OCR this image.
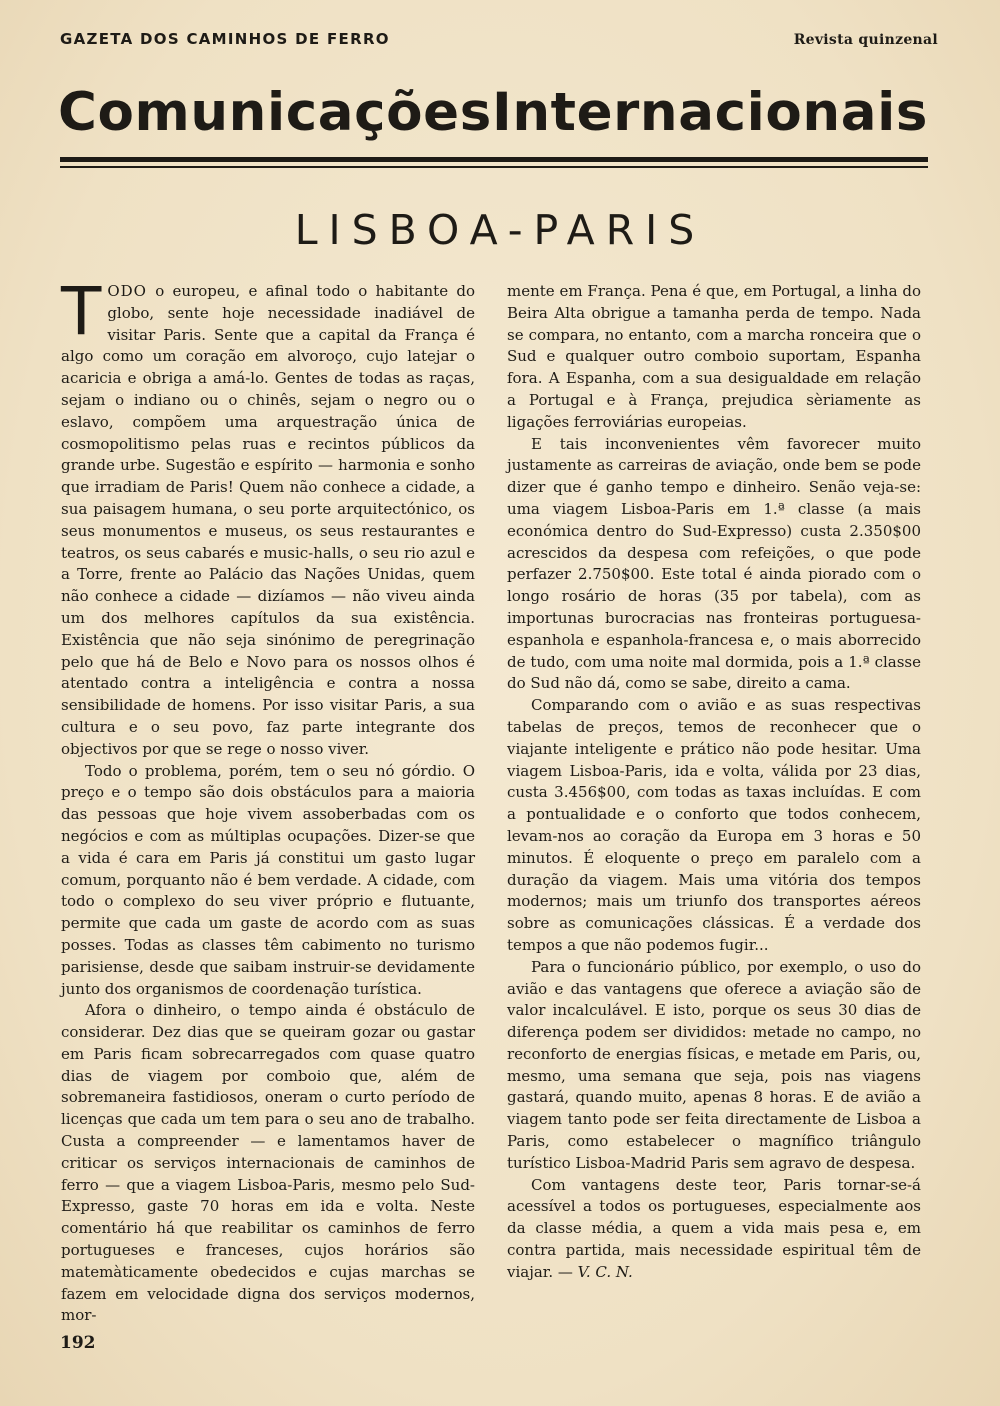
GAZETA DOS CAMINHOS DE FERRO	Revista quinzenal
Comunicações Internacionais
LISBOA-PARIS

TODO o europeu, e afinal todo o habitante do globo, sente hoje necessidade inadiável de visitar Paris. Sente que a capital da França é algo como um coração em alvoroço, cujo latejar o acaricia e obriga a amá-lo. Gentes de todas as raças, sejam o indiano ou o chinês, sejam o negro ou o eslavo, compõem uma arquestração única de cosmopolitismo pelas ruas e recintos públicos da grande urbe. Sugestão e espírito — harmonia e sonho que irradiam de Paris! Quem não conhece a cidade, a sua paisagem humana, o seu porte arquitectónico, os seus monumentos e museus, os seus restaurantes e teatros, os seus cabarés e music-halls, o seu rio azul e a Torre, frente ao Palácio das Nações Unidas, quem não conhece a cidade — dizíamos — não viveu ainda um dos melhores capítulos da sua existência. Existência que não seja sinónimo de peregrinação pelo que há de Belo e Novo para os nossos olhos é atentado contra a inteligência e contra a nossa sensibilidade de homens. Por isso visitar Paris, a sua cultura e o seu povo, faz parte integrante dos objectivos por que se rege o nosso viver.

Todo o problema, porém, tem o seu nó górdio. O preço e o tempo são dois obstáculos para a maioria das pessoas que hoje vivem assoberbadas com os negócios e com as múltiplas ocupações. Dizer-se que a vida é cara em Paris já constitui um gasto lugar comum, porquanto não é bem verdade. A cidade, com todo o complexo do seu viver próprio e flutuante, permite que cada um gaste de acordo com as suas posses. Todas as classes têm cabimento no turismo parisiense, desde que saibam instruir-se devidamente junto dos organismos de coordenação turística.

Afora o dinheiro, o tempo ainda é obstáculo de considerar. Dez dias que se queiram gozar ou gastar em Paris ficam sobrecarregados com quase quatro dias de viagem por comboio que, além de sobremaneira fastidiosos, oneram o curto período de licenças que cada um tem para o seu ano de trabalho. Custa a compreender — e lamentamos haver de criticar os serviços internacionais de caminhos de ferro — que a viagem Lisboa-Paris, mesmo pelo Sud-Expresso, gaste 70 horas em ida e volta. Neste comentário há que reabilitar os caminhos de ferro portugueses e franceses, cujos horários são matemàticamente obedecidos e cujas marchas se fazem em velocidade digna dos serviços modernos, mor-

mente em França. Pena é que, em Portugal, a linha do Beira Alta obrigue a tamanha perda de tempo. Nada se compara, no entanto, com a marcha ronceira que o Sud e qualquer outro comboio suportam, Espanha fora. A Espanha, com a sua desigualdade em relação a Portugal e à França, prejudica sèriamente as ligações ferroviárias europeias.

E tais inconvenientes vêm favorecer muito justamente as carreiras de aviação, onde bem se pode dizer que é ganho tempo e dinheiro. Senão veja-se: uma viagem Lisboa-Paris em 1.ª classe (a mais económica dentro do Sud-Expresso) custa 2.350$00 acrescidos da despesa com refeições, o que pode perfazer 2.750$00. Este total é ainda piorado com o longo rosário de horas (35 por tabela), com as importunas burocracias nas fronteiras portuguesa-espanhola e espanhola-francesa e, o mais aborrecido de tudo, com uma noite mal dormida, pois a 1.ª classe do Sud não dá, como se sabe, direito a cama.

Comparando com o avião e as suas respectivas tabelas de preços, temos de reconhecer que o viajante inteligente e prático não pode hesitar. Uma viagem Lisboa-Paris, ida e volta, válida por 23 dias, custa 3.456$00, com todas as taxas incluídas. E com a pontualidade e o conforto que todos conhecem, levam-nos ao coração da Europa em 3 horas e 50 minutos. É eloquente o preço em paralelo com a duração da viagem. Mais uma vitória dos tempos modernos; mais um triunfo dos transportes aéreos sobre as comunicações clássicas. É a verdade dos tempos a que não podemos fugir...

Para o funcionário público, por exemplo, o uso do avião e das vantagens que oferece a aviação são de valor incalculável. E isto, porque os seus 30 dias de diferença podem ser divididos: metade no campo, no reconforto de energias físicas, e metade em Paris, ou, mesmo, uma semana que seja, pois nas viagens gastará, quando muito, apenas 8 horas. E de avião a viagem tanto pode ser feita directamente de Lisboa a Paris, como estabelecer o magnífico triângulo turístico Lisboa-Madrid Paris sem agravo de despesa.

Com vantagens deste teor, Paris tornar-se-á acessível a todos os portugueses, especialmente aos da classe média, a quem a vida mais pesa e, em contra partida, mais necessidade espiritual têm de viajar. — V. C. N.

192
